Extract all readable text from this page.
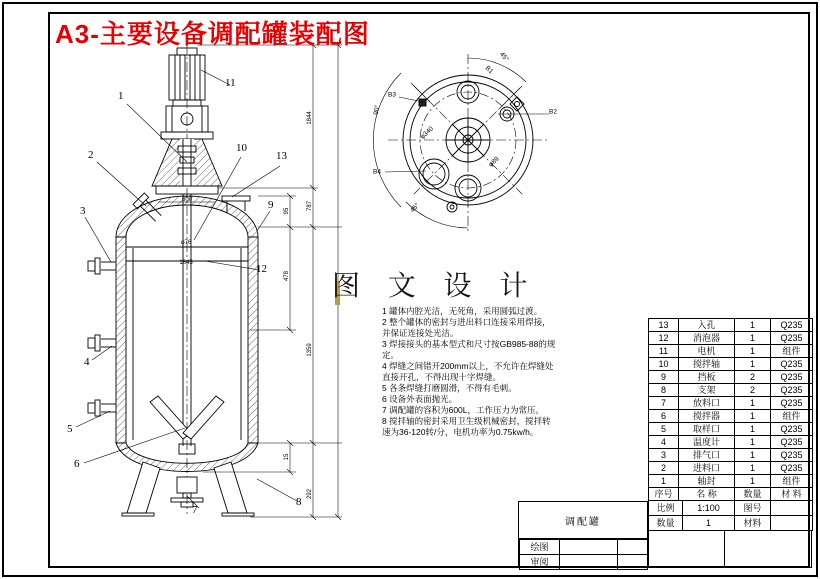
A3-主要设备调配罐装配图
图 文 设 计
1 罐体内腔光洁，无死角，采用圆弧过渡。
2 整个罐体的密封与进出料口连接采用焊接，并保证连接处光洁。
3 焊接接头的基本型式和尺寸按GB985-88的规定。
4 焊缝之间错开200mm以上，不允许在焊缝处直接开孔，不得出现十字焊缝。
5 各条焊缝打磨圆滑，不得有毛刺。
6 设备外表面抛光。
7 调配罐的容积为600L，工作压力为常压。
8 搅拌轴的密封采用卫生级机械密封，搅拌转速为36-120转/分，电机功率为0.75kw/h。
1
2
3
4
5
6
7
8
9
10
11
12
13
1844
787
1359
95
478
15
292
600
φ76
1845
45°
90°
45°
B1
B2
B3
B4
φ340
φ89
13	入孔	1	Q235
12	消泡器	1	Q235
11	电机	1	组件
10	搅拌轴	1	Q235
9	挡板	2	Q235
8	支架	2	Q235
7	放料口	1	Q235
6	搅拌器	1	组件
5	取样口	1	Q235
4	温度计	1	Q235
3	排气口	1	Q235
2	进料口	1	Q235
1	轴封	1	组件
序号	名 称	数量	材 料
比例	1:100	图号	
数量	1	材料	
调配罐
绘图		
审阅		
